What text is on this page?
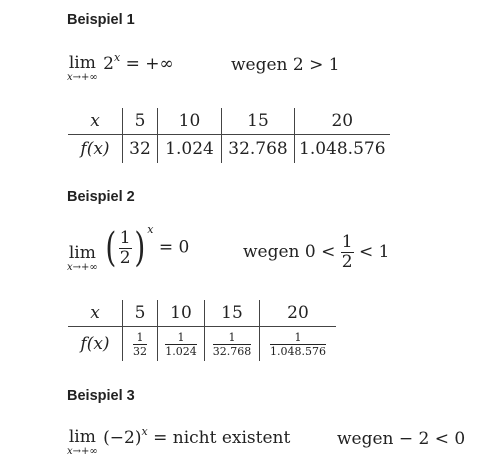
Beispiel 1
lim
x→+∞
$2^x$ = +∞	wegen 2 > 1
x	5	10	15	20
f(x)	32	1.024	32.768	1.048.576
Beispiel 2
lim
x→+∞ ( $\frac{1}{2}$ ) $^x$ = 0	wegen $0 < \frac{1}{2} < 1$
x	5	10	15	20
f(x)	$\frac{1}{32}$	$\frac{1}{1.024}$	$\frac{1}{32.768}$	$\frac{1}{1.048.576}$
Beispiel 3
lim
x→+∞
$(-2)^x$ = nicht existent	wegen − 2 < 0
